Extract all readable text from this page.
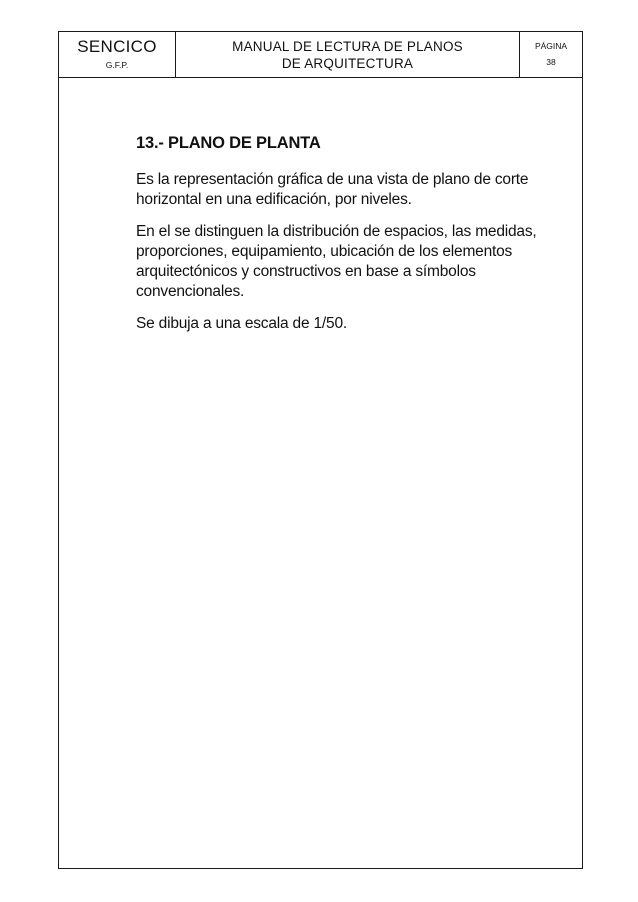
SENCICO
G.F.P.
MANUAL DE LECTURA DE PLANOS
DE ARQUITECTURA
PÁGINA
38
13.- PLANO DE PLANTA

Es la representación gráfica de una vista de plano de corte horizontal en una edificación, por niveles.

En el se distinguen la distribución de espacios, las medidas, proporciones, equipamiento, ubicación de los elementos arquitectónicos y constructivos en base a símbolos convencionales.

Se dibuja a una escala de 1/50.
